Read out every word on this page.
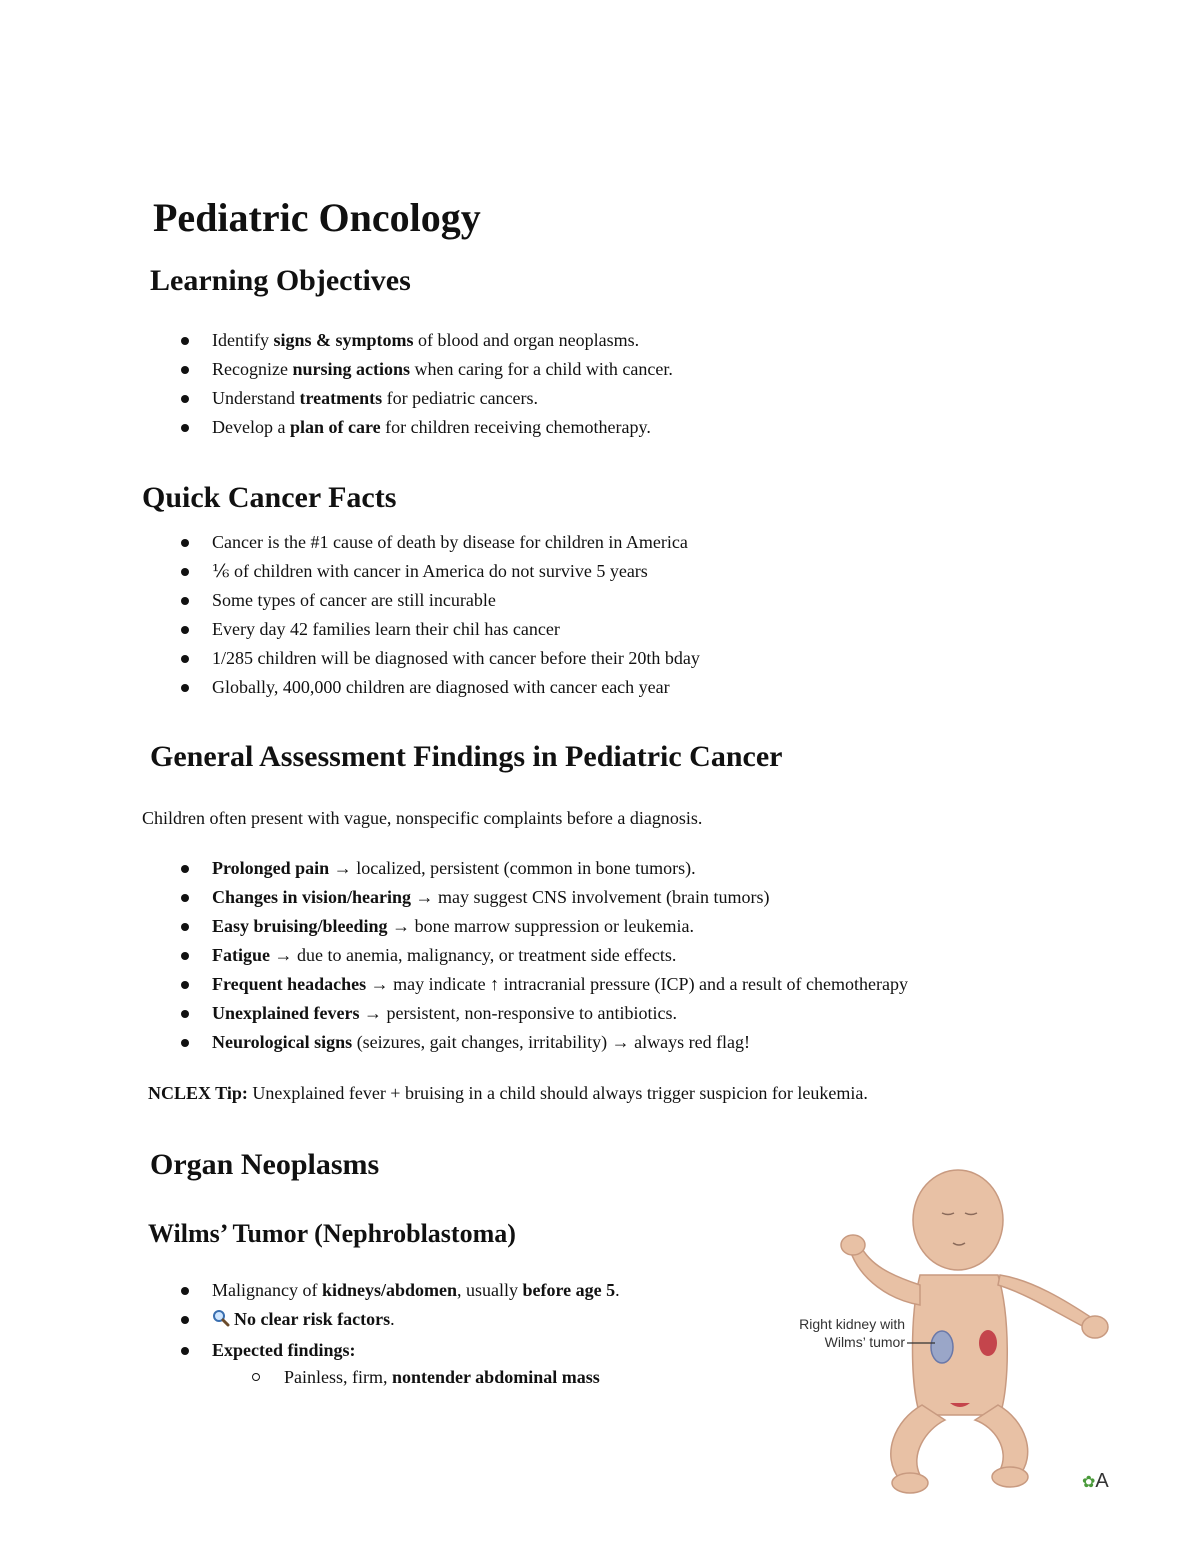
Pediatric Oncology
Learning Objectives
Identify signs & symptoms of blood and organ neoplasms.
Recognize nursing actions when caring for a child with cancer.
Understand treatments for pediatric cancers.
Develop a plan of care for children receiving chemotherapy.
Quick Cancer Facts
Cancer is the #1 cause of death by disease for children in America
⅙ of children with cancer in America do not survive 5 years
Some types of cancer are still incurable
Every day 42 families learn their chil has cancer
1/285 children will be diagnosed with cancer before their 20th bday
Globally, 400,000 children are diagnosed with cancer each year
General Assessment Findings in Pediatric Cancer

Children often present with vague, nonspecific complaints before a diagnosis.

Prolonged pain → localized, persistent (common in bone tumors).
Changes in vision/hearing → may suggest CNS involvement (brain tumors)
Easy bruising/bleeding → bone marrow suppression or leukemia.
Fatigue → due to anemia, malignancy, or treatment side effects.
Frequent headaches → may indicate ↑ intracranial pressure (ICP) and a result of chemotherapy
Unexplained fevers → persistent, non-responsive to antibiotics.
Neurological signs (seizures, gait changes, irritability) → always red flag!

NCLEX Tip: Unexplained fever + bruising in a child should always trigger suspicion for leukemia.

Organ Neoplasms
Wilms’ Tumor (Nephroblastoma)
Malignancy of kidneys/abdomen, usually before age 5.
No clear risk factors.
Expected findings:
Painless, firm, nontender abdominal mass
Right kidney with
Wilms’ tumor
✿A
